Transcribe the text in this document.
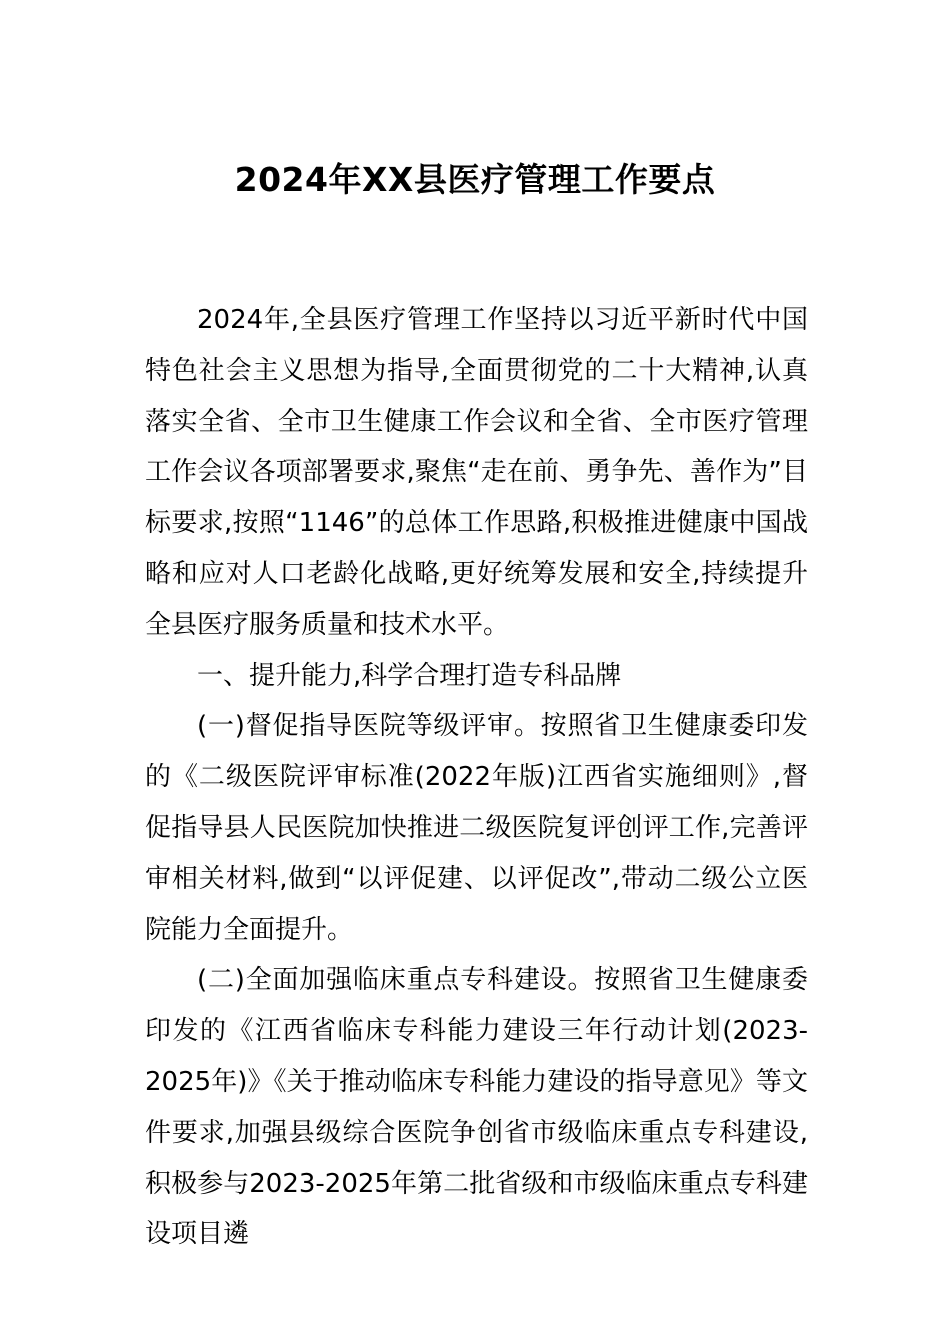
2024年XX县医疗管理工作要点

2024年,全县医疗管理工作坚持以习近平新时代中国特色社会主义思想为指导,全面贯彻党的二十大精神,认真落实全省、全市卫生健康工作会议和全省、全市医疗管理工作会议各项部署要求,聚焦“走在前、勇争先、善作为”目标要求,按照“1146”的总体工作思路,积极推进健康中国战略和应对人口老龄化战略,更好统筹发展和安全,持续提升全县医疗服务质量和技术水平。

一、提升能力,科学合理打造专科品牌

(一)督促指导医院等级评审。按照省卫生健康委印发的《二级医院评审标准(2022年版)江西省实施细则》,督促指导县人民医院加快推进二级医院复评创评工作,完善评审相关材料,做到“以评促建、以评促改”,带动二级公立医院能力全面提升。

(二)全面加强临床重点专科建设。按照省卫生健康委印发的《江西省临床专科能力建设三年行动计划(2023-2025年)》《关于推动临床专科能力建设的指导意见》等文件要求,加强县级综合医院争创省市级临床重点专科建设,积极参与2023-2025年第二批省级和市级临床重点专科建设项目遴
